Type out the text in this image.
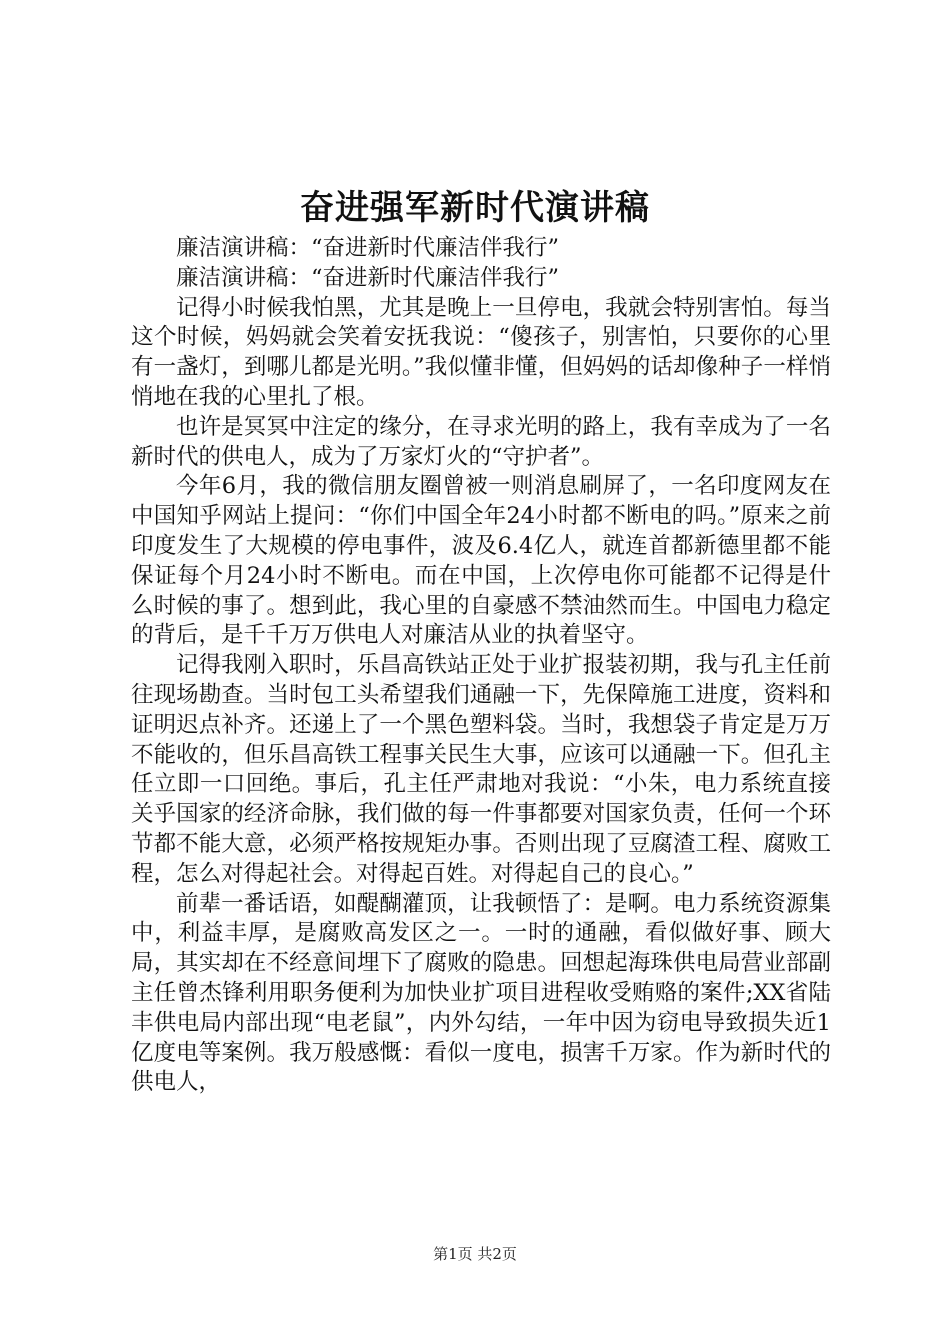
奋进强军新时代演讲稿

廉洁演讲稿：“奋进新时代廉洁伴我行”

廉洁演讲稿：“奋进新时代廉洁伴我行”

记得小时候我怕黑，尤其是晚上一旦停电，我就会特别害怕。每当这个时候，妈妈就会笑着安抚我说：“傻孩子，别害怕，只要你的心里有一盏灯，到哪儿都是光明。”我似懂非懂，但妈妈的话却像种子一样悄悄地在我的心里扎了根。

也许是冥冥中注定的缘分，在寻求光明的路上，我有幸成为了一名新时代的供电人，成为了万家灯火的“守护者”。

今年6月，我的微信朋友圈曾被一则消息刷屏了，一名印度网友在中国知乎网站上提问：“你们中国全年24小时都不断电的吗。”原来之前印度发生了大规模的停电事件，波及6.4亿人，就连首都新德里都不能保证每个月24小时不断电。而在中国，上次停电你可能都不记得是什么时候的事了。想到此，我心里的自豪感不禁油然而生。中国电力稳定的背后，是千千万万供电人对廉洁从业的执着坚守。

记得我刚入职时，乐昌高铁站正处于业扩报装初期，我与孔主任前往现场勘查。当时包工头希望我们通融一下，先保障施工进度，资料和证明迟点补齐。还递上了一个黑色塑料袋。当时，我想袋子肯定是万万不能收的，但乐昌高铁工程事关民生大事，应该可以通融一下。但孔主任立即一口回绝。事后，孔主任严肃地对我说：“小朱，电力系统直接关乎国家的经济命脉，我们做的每一件事都要对国家负责，任何一个环节都不能大意，必须严格按规矩办事。否则出现了豆腐渣工程、腐败工程，怎么对得起社会。对得起百姓。对得起自己的良心。”

前辈一番话语，如醍醐灌顶，让我顿悟了：是啊。电力系统资源集中，利益丰厚，是腐败高发区之一。一时的通融，看似做好事、顾大局，其实却在不经意间埋下了腐败的隐患。回想起海珠供电局营业部副主任曾杰锋利用职务便利为加快业扩项目进程收受贿赂的案件;XX省陆丰供电局内部出现“电老鼠”，内外勾结，一年中因为窃电导致损失近1亿度电等案例。我万般感慨：看似一度电，损害千万家。作为新时代的供电人，

第1页 共2页
